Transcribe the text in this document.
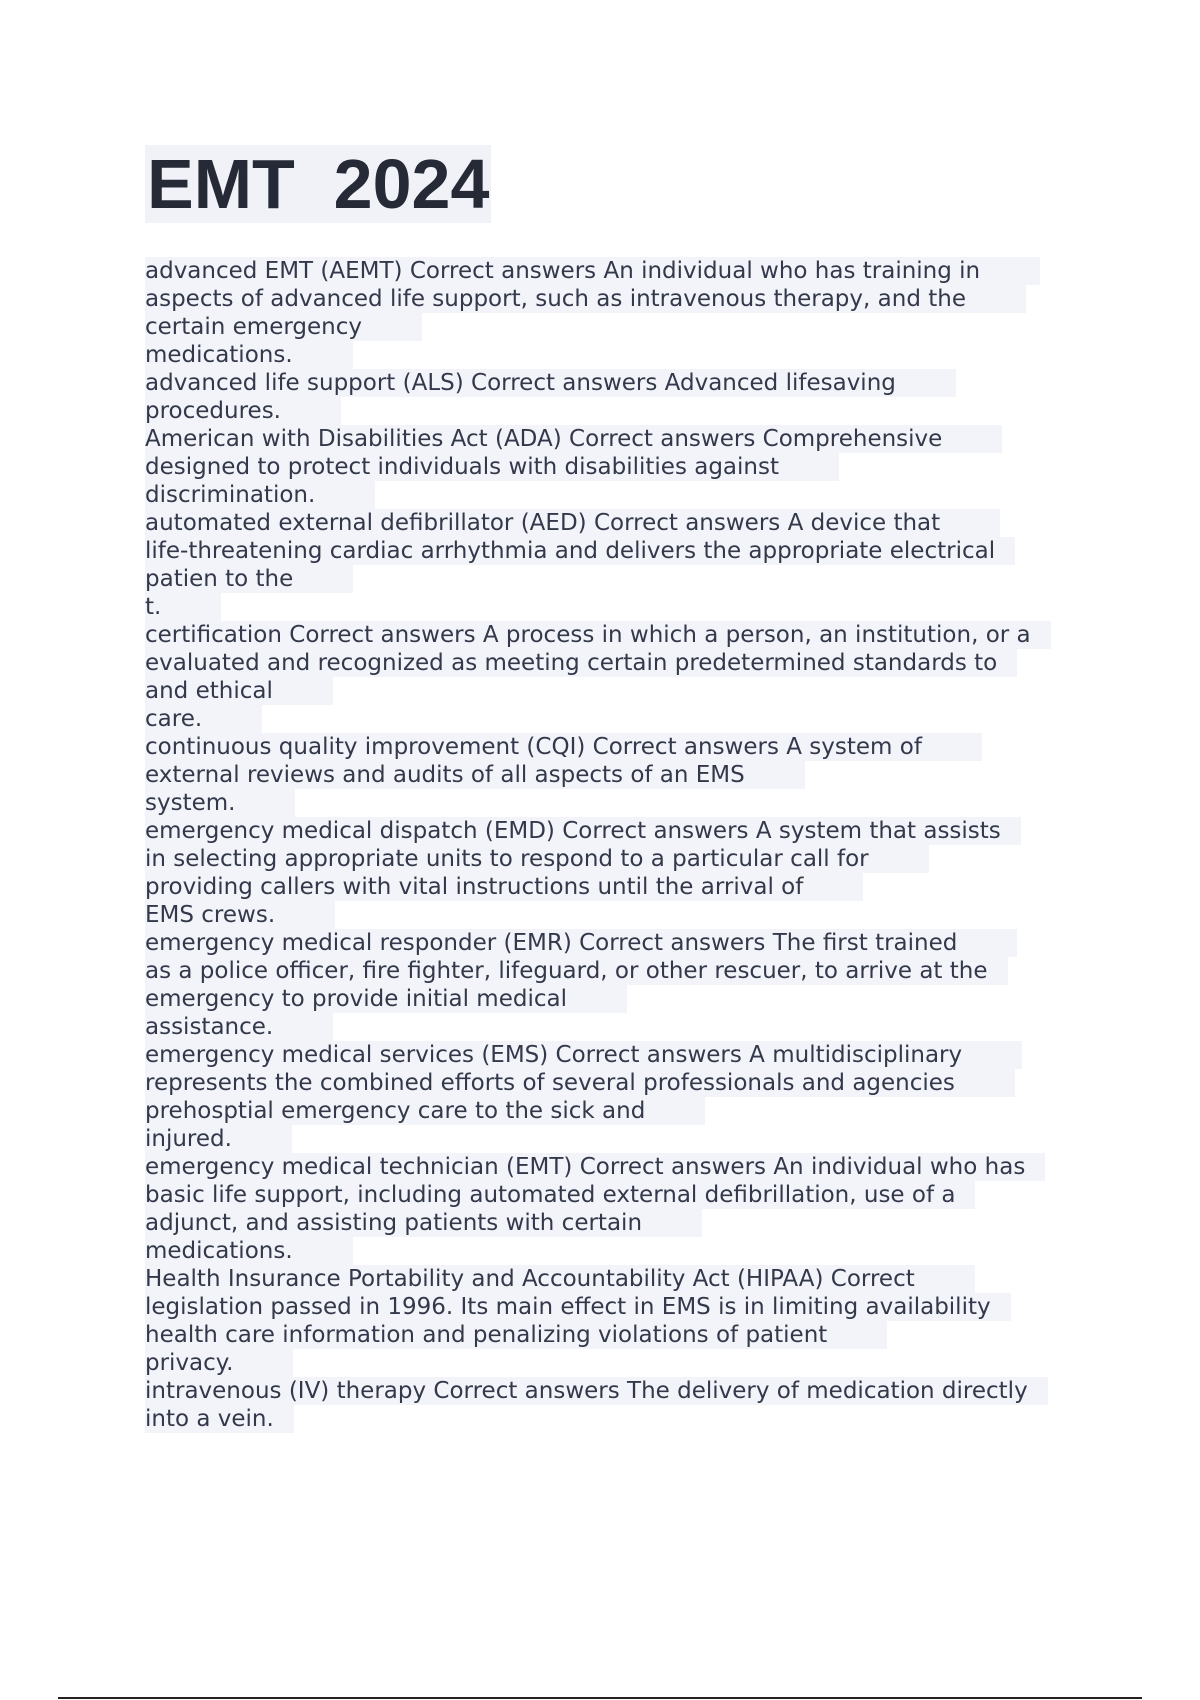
EMT  2024
advanced EMT (AEMT) Correct answers An individual who has training in
aspects of advanced life support, such as intravenous therapy, and the
certain emergency
medications.
advanced life support (ALS) Correct answers Advanced lifesaving
procedures.
American with Disabilities Act (ADA) Correct answers Comprehensive
designed to protect individuals with disabilities against
discrimination.
automated external defibrillator (AED) Correct answers A device that
life-threatening cardiac arrhythmia and delivers the appropriate electrical
patien to the
t.
certification Correct answers A process in which a person, an institution, or a
evaluated and recognized as meeting certain predetermined standards to
and ethical
care.
continuous quality improvement (CQI) Correct answers A system of
external reviews and audits of all aspects of an EMS
system.
emergency medical dispatch (EMD) Correct answers A system that assists
in selecting appropriate units to respond to a particular call for
providing callers with vital instructions until the arrival of
EMS crews.
emergency medical responder (EMR) Correct answers The first trained
as a police officer, fire fighter, lifeguard, or other rescuer, to arrive at the
emergency to provide initial medical
assistance.
emergency medical services (EMS) Correct answers A multidisciplinary
represents the combined efforts of several professionals and agencies
prehosptial emergency care to the sick and
injured.
emergency medical technician (EMT) Correct answers An individual who has
basic life support, including automated external defibrillation, use of a
adjunct, and assisting patients with certain
medications.
Health Insurance Portability and Accountability Act (HIPAA) Correct
legislation passed in 1996. Its main effect in EMS is in limiting availability
health care information and penalizing violations of patient
privacy.
intravenous (IV) therapy Correct answers The delivery of medication directly
into a vein.
